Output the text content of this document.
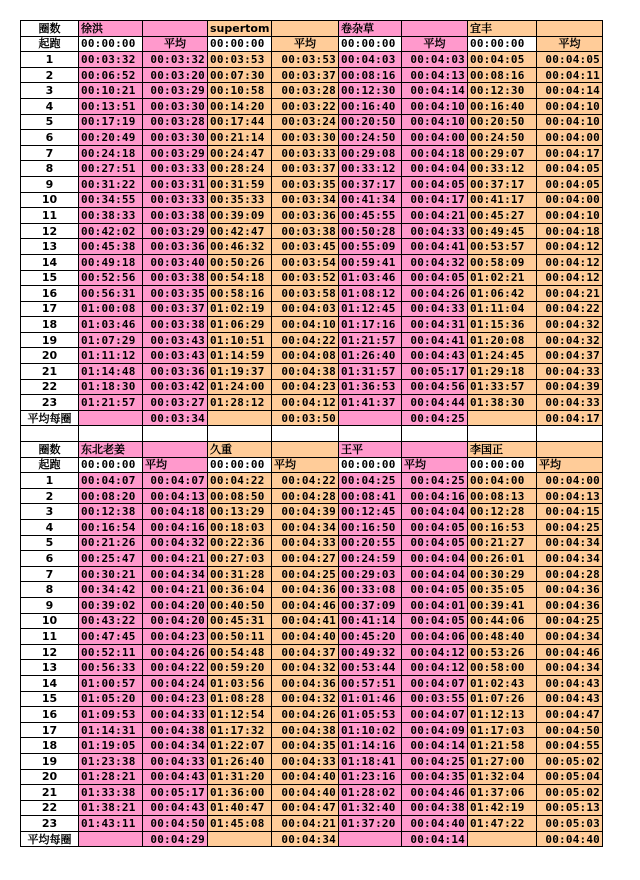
圈数	徐洪		supertom		卷杂草		宜丰	
起跑	00:00:00	平均	00:00:00	平均	00:00:00	平均	00:00:00	平均
1	00:03:32	00:03:32	00:03:53	00:03:53	00:04:03	00:04:03	00:04:05	00:04:05
2	00:06:52	00:03:20	00:07:30	00:03:37	00:08:16	00:04:13	00:08:16	00:04:11
3	00:10:21	00:03:29	00:10:58	00:03:28	00:12:30	00:04:14	00:12:30	00:04:14
4	00:13:51	00:03:30	00:14:20	00:03:22	00:16:40	00:04:10	00:16:40	00:04:10
5	00:17:19	00:03:28	00:17:44	00:03:24	00:20:50	00:04:10	00:20:50	00:04:10
6	00:20:49	00:03:30	00:21:14	00:03:30	00:24:50	00:04:00	00:24:50	00:04:00
7	00:24:18	00:03:29	00:24:47	00:03:33	00:29:08	00:04:18	00:29:07	00:04:17
8	00:27:51	00:03:33	00:28:24	00:03:37	00:33:12	00:04:04	00:33:12	00:04:05
9	00:31:22	00:03:31	00:31:59	00:03:35	00:37:17	00:04:05	00:37:17	00:04:05
10	00:34:55	00:03:33	00:35:33	00:03:34	00:41:34	00:04:17	00:41:17	00:04:00
11	00:38:33	00:03:38	00:39:09	00:03:36	00:45:55	00:04:21	00:45:27	00:04:10
12	00:42:02	00:03:29	00:42:47	00:03:38	00:50:28	00:04:33	00:49:45	00:04:18
13	00:45:38	00:03:36	00:46:32	00:03:45	00:55:09	00:04:41	00:53:57	00:04:12
14	00:49:18	00:03:40	00:50:26	00:03:54	00:59:41	00:04:32	00:58:09	00:04:12
15	00:52:56	00:03:38	00:54:18	00:03:52	01:03:46	00:04:05	01:02:21	00:04:12
16	00:56:31	00:03:35	00:58:16	00:03:58	01:08:12	00:04:26	01:06:42	00:04:21
17	01:00:08	00:03:37	01:02:19	00:04:03	01:12:45	00:04:33	01:11:04	00:04:22
18	01:03:46	00:03:38	01:06:29	00:04:10	01:17:16	00:04:31	01:15:36	00:04:32
19	01:07:29	00:03:43	01:10:51	00:04:22	01:21:57	00:04:41	01:20:08	00:04:32
20	01:11:12	00:03:43	01:14:59	00:04:08	01:26:40	00:04:43	01:24:45	00:04:37
21	01:14:48	00:03:36	01:19:37	00:04:38	01:31:57	00:05:17	01:29:18	00:04:33
22	01:18:30	00:03:42	01:24:00	00:04:23	01:36:53	00:04:56	01:33:57	00:04:39
23	01:21:57	00:03:27	01:28:12	00:04:12	01:41:37	00:04:44	01:38:30	00:04:33
平均每圈		00:03:34		00:03:50		00:04:25		00:04:17

圈数	东北老姜		久重		王平		李国正	
起跑	00:00:00	平均	00:00:00	平均	00:00:00	平均	00:00:00	平均
1	00:04:07	00:04:07	00:04:22	00:04:22	00:04:25	00:04:25	00:04:00	00:04:00
2	00:08:20	00:04:13	00:08:50	00:04:28	00:08:41	00:04:16	00:08:13	00:04:13
3	00:12:38	00:04:18	00:13:29	00:04:39	00:12:45	00:04:04	00:12:28	00:04:15
4	00:16:54	00:04:16	00:18:03	00:04:34	00:16:50	00:04:05	00:16:53	00:04:25
5	00:21:26	00:04:32	00:22:36	00:04:33	00:20:55	00:04:05	00:21:27	00:04:34
6	00:25:47	00:04:21	00:27:03	00:04:27	00:24:59	00:04:04	00:26:01	00:04:34
7	00:30:21	00:04:34	00:31:28	00:04:25	00:29:03	00:04:04	00:30:29	00:04:28
8	00:34:42	00:04:21	00:36:04	00:04:36	00:33:08	00:04:05	00:35:05	00:04:36
9	00:39:02	00:04:20	00:40:50	00:04:46	00:37:09	00:04:01	00:39:41	00:04:36
10	00:43:22	00:04:20	00:45:31	00:04:41	00:41:14	00:04:05	00:44:06	00:04:25
11	00:47:45	00:04:23	00:50:11	00:04:40	00:45:20	00:04:06	00:48:40	00:04:34
12	00:52:11	00:04:26	00:54:48	00:04:37	00:49:32	00:04:12	00:53:26	00:04:46
13	00:56:33	00:04:22	00:59:20	00:04:32	00:53:44	00:04:12	00:58:00	00:04:34
14	01:00:57	00:04:24	01:03:56	00:04:36	00:57:51	00:04:07	01:02:43	00:04:43
15	01:05:20	00:04:23	01:08:28	00:04:32	01:01:46	00:03:55	01:07:26	00:04:43
16	01:09:53	00:04:33	01:12:54	00:04:26	01:05:53	00:04:07	01:12:13	00:04:47
17	01:14:31	00:04:38	01:17:32	00:04:38	01:10:02	00:04:09	01:17:03	00:04:50
18	01:19:05	00:04:34	01:22:07	00:04:35	01:14:16	00:04:14	01:21:58	00:04:55
19	01:23:38	00:04:33	01:26:40	00:04:33	01:18:41	00:04:25	01:27:00	00:05:02
20	01:28:21	00:04:43	01:31:20	00:04:40	01:23:16	00:04:35	01:32:04	00:05:04
21	01:33:38	00:05:17	01:36:00	00:04:40	01:28:02	00:04:46	01:37:06	00:05:02
22	01:38:21	00:04:43	01:40:47	00:04:47	01:32:40	00:04:38	01:42:19	00:05:13
23	01:43:11	00:04:50	01:45:08	00:04:21	01:37:20	00:04:40	01:47:22	00:05:03
平均每圈		00:04:29		00:04:34		00:04:14		00:04:40
